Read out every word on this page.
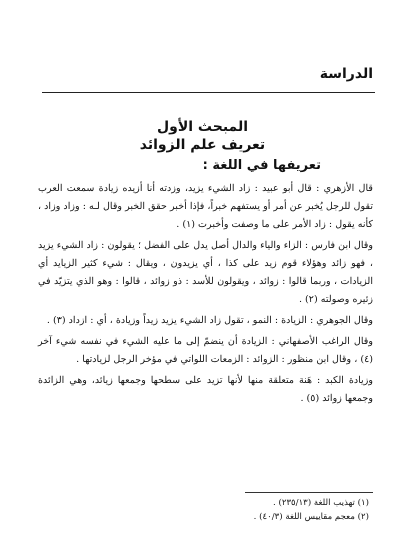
الدراسة
المبحث الأول
تعريف علم الزوائد
تعريفها في اللغة :

قال الأزهري : قال أبو عبيد : زاد الشيء يزيد، وزدته أنا أزيده زيادة سمعت العرب تقول للرجل يُخبر عن أمر أو يستفهم خبراً، فإذا أخبر حقق الخبر وقال لـه : وزاد وزاد ، كأنه يقول : زاد الأمر على ما وصفت وأخبرت (١) .

وقال ابن فارس : الزاء والياء والدال أصل يدل على الفضل ؛ يقولون : زاد الشيء يزيد ، فهو زائد وهؤلاء قوم زيد على كذا ، أي يزيدون ، ويقال : شيء كثير الزيايد أي الزيادات ، وربما قالوا : زوائد ، ويقولون للأسد : ذو زوائد ، قالوا : وهو الذي يتزيّد في زئيره وصولته (٢) .

وقال الجوهري : الزيادة : النمو ، تقول زاد الشيء يزيد زيداً وزيادة ، أي : ازداد (٣) .

وقال الراغب الأصفهاني : الزيادة أن ينضمّ إلى ما عليه الشيء في نفسه شيء آخر (٤) ، وقال ابن منظور : الزوائد : الزمعات اللواتي في مؤخر الرجل لزيادتها .

وزيادة الكبد : هَنة متعلقة منها لأنها تزيد على سطحها وجمعها زيائد، وهي الزائدة وجمعها زوائد (٥) .

(١) تهذيب اللغة (٢٣٥/١٣) .
(٢) معجم مقاييس اللغة (٤٠/٣) .
